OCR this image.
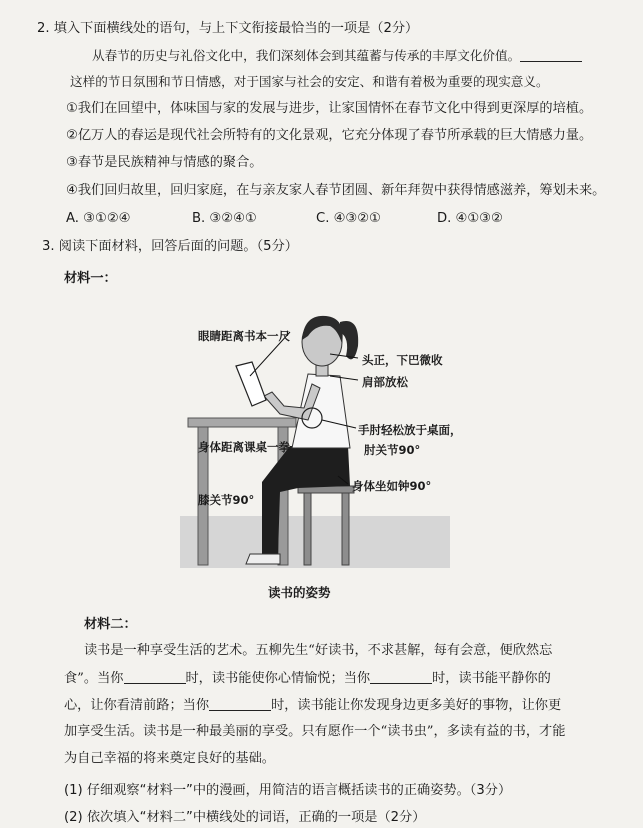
2. 填入下面横线处的语句，与上下文衔接最恰当的一项是（2分）
从春节的历史与礼俗文化中，我们深刻体会到其蕴蓄与传承的丰厚文化价值。
这样的节日氛围和节日情感，对于国家与社会的安定、和谐有着极为重要的现实意义。
①我们在回望中，体味国与家的发展与进步，让家国情怀在春节文化中得到更深厚的培植。
②亿万人的春运是现代社会所特有的文化景观，它充分体现了春节所承载的巨大情感力量。
③春节是民族精神与情感的聚合。
④我们回归故里，回归家庭，在与亲友家人春节团圆、新年拜贺中获得情感滋养，筹划未来。
A. ③①②④	B. ③②④①	C. ④③②①	D. ④①③②
3. 阅读下面材料，回答后面的问题。（5分）
材料一：
眼睛距离书本一尺
头正，下巴微收
肩部放松
手肘轻松放于桌面，
肘关节90°
身体距离课桌一拳
身体坐如钟90°
膝关节90°
读书的姿势
材料二：
读书是一种享受生活的艺术。五柳先生“好读书，不求甚解，每有会意，便欣然忘
食”。当你	时，读书能使你心情愉悦；当你	时，读书能平静你的
心，让你看清前路；当你	时，读书能让你发现身边更多美好的事物，让你更
加享受生活。读书是一种最美丽的享受。只有愿作一个“读书虫”，多读有益的书，才能
为自己幸福的将来奠定良好的基础。
(1) 仔细观察“材料一”中的漫画，用简洁的语言概括读书的正确姿势。（3分）
(2) 依次填入“材料二”中横线处的词语，正确的一项是（2分）
